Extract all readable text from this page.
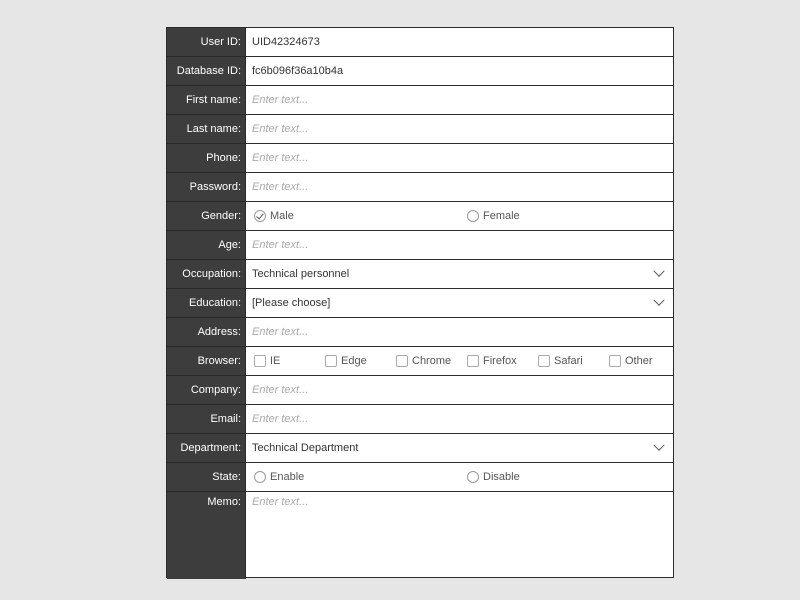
User ID:	UID42324673
Database ID:	fc6b096f36a10b4a
First name:	Enter text...
Last name:	Enter text...
Phone:	Enter text...
Password:	Enter text...
Gender:	Male	Female
Age:	Enter text...
Occupation:	Technical personnel
Education:	[Please choose]
Address:	Enter text...
Browser:	IE	Edge	Chrome	Firefox	Safari	Other
Company:	Enter text...
Email:	Enter text...
Department:	Technical Department
State:	Enable	Disable
Memo:	Enter text...
